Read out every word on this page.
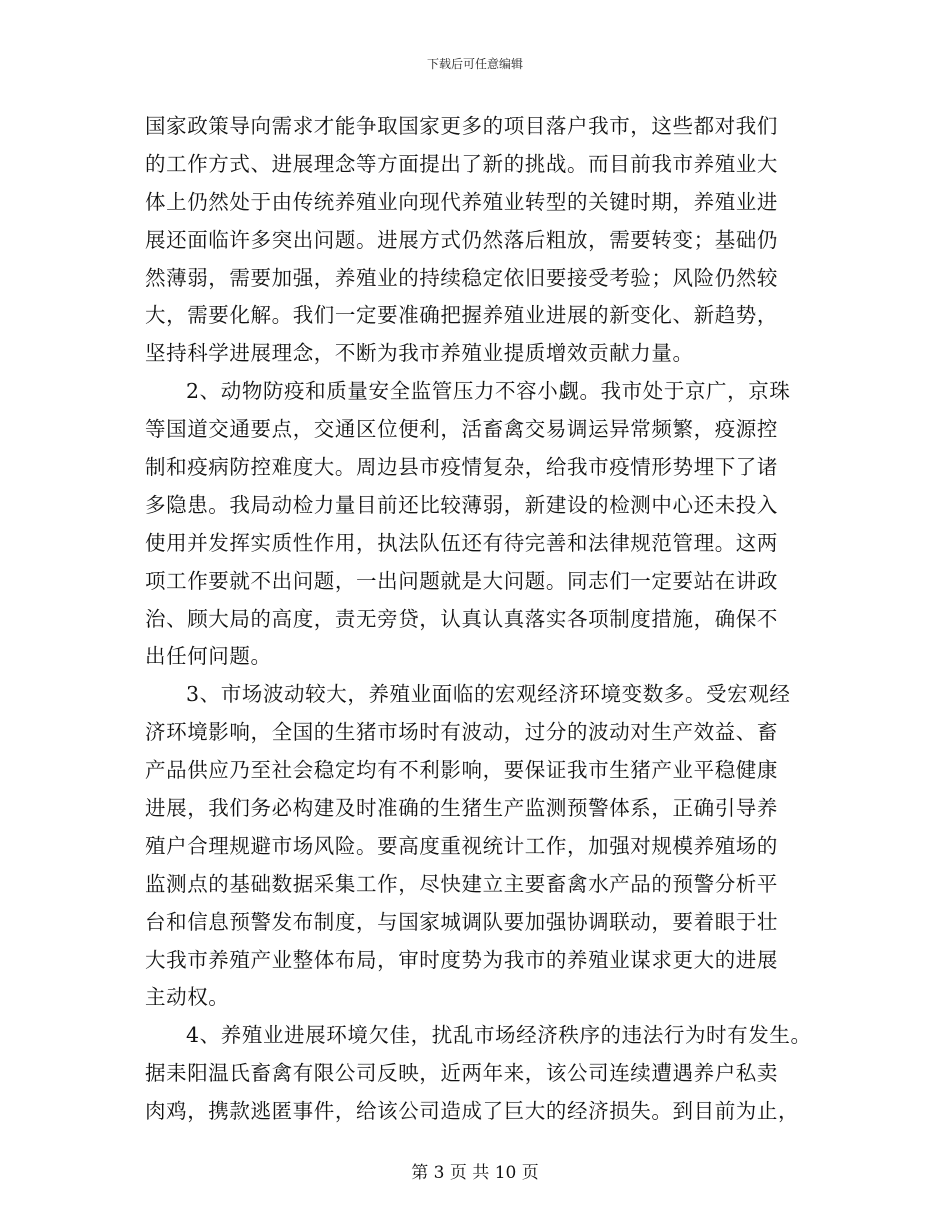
下载后可任意编辑
国家政策导向需求才能争取国家更多的项目落户我市，这些都对我们
的工作方式、进展理念等方面提出了新的挑战。而目前我市养殖业大
体上仍然处于由传统养殖业向现代养殖业转型的关键时期，养殖业进
展还面临许多突出问题。进展方式仍然落后粗放，需要转变；基础仍
然薄弱，需要加强，养殖业的持续稳定依旧要接受考验；风险仍然较
大，需要化解。我们一定要准确把握养殖业进展的新变化、新趋势，
坚持科学进展理念，不断为我市养殖业提质增效贡献力量。
2、动物防疫和质量安全监管压力不容小觑。我市处于京广，京珠
等国道交通要点，交通区位便利，活畜禽交易调运异常频繁，疫源控
制和疫病防控难度大。周边县市疫情复杂，给我市疫情形势埋下了诸
多隐患。我局动检力量目前还比较薄弱，新建设的检测中心还未投入
使用并发挥实质性作用，执法队伍还有待完善和法律规范管理。这两
项工作要就不出问题，一出问题就是大问题。同志们一定要站在讲政
治、顾大局的高度，责无旁贷，认真认真落实各项制度措施，确保不
出任何问题。
3、市场波动较大，养殖业面临的宏观经济环境变数多。受宏观经
济环境影响，全国的生猪市场时有波动，过分的波动对生产效益、畜
产品供应乃至社会稳定均有不利影响，要保证我市生猪产业平稳健康
进展，我们务必构建及时准确的生猪生产监测预警体系，正确引导养
殖户合理规避市场风险。要高度重视统计工作，加强对规模养殖场的
监测点的基础数据采集工作，尽快建立主要畜禽水产品的预警分析平
台和信息预警发布制度，与国家城调队要加强协调联动，要着眼于壮
大我市养殖产业整体布局，审时度势为我市的养殖业谋求更大的进展
主动权。
4、养殖业进展环境欠佳，扰乱市场经济秩序的违法行为时有发生。
据耒阳温氏畜禽有限公司反映，近两年来，该公司连续遭遇养户私卖
肉鸡，携款逃匿事件，给该公司造成了巨大的经济损失。到目前为止，
第 3 页 共 10 页
